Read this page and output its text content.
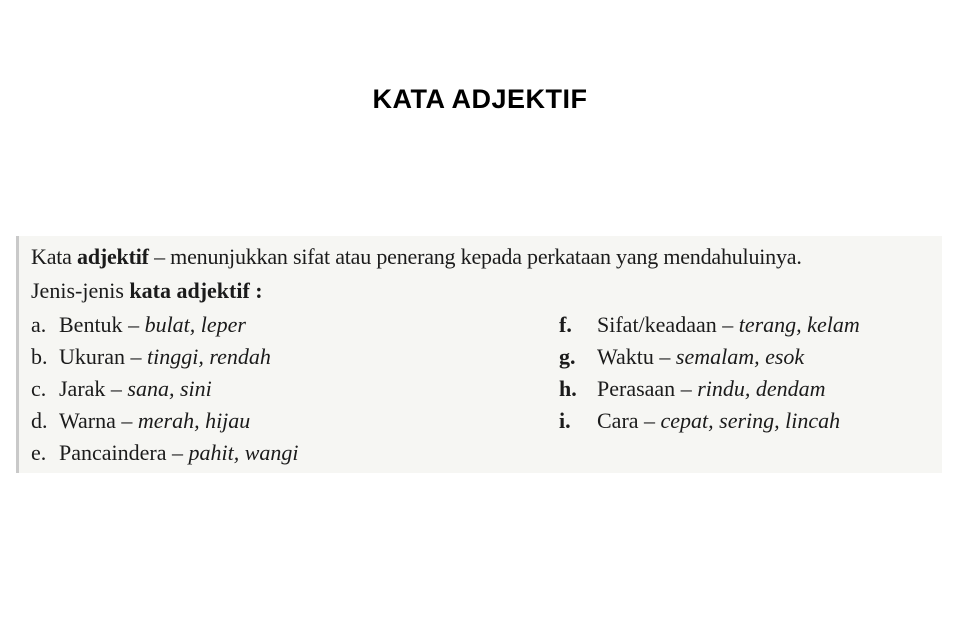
KATA ADJEKTIF
Kata adjektif – menunjukkan sifat atau penerang kepada perkataan yang mendahuluinya.
Jenis-jenis kata adjektif :
a. Bentuk – bulat, leper
b. Ukuran – tinggi, rendah
c. Jarak – sana, sini
d. Warna – merah, hijau
e. Pancaindera – pahit, wangi
f. Sifat/keadaan – terang, kelam
g. Waktu – semalam, esok
h. Perasaan – rindu, dendam
i. Cara – cepat, sering, lincah
